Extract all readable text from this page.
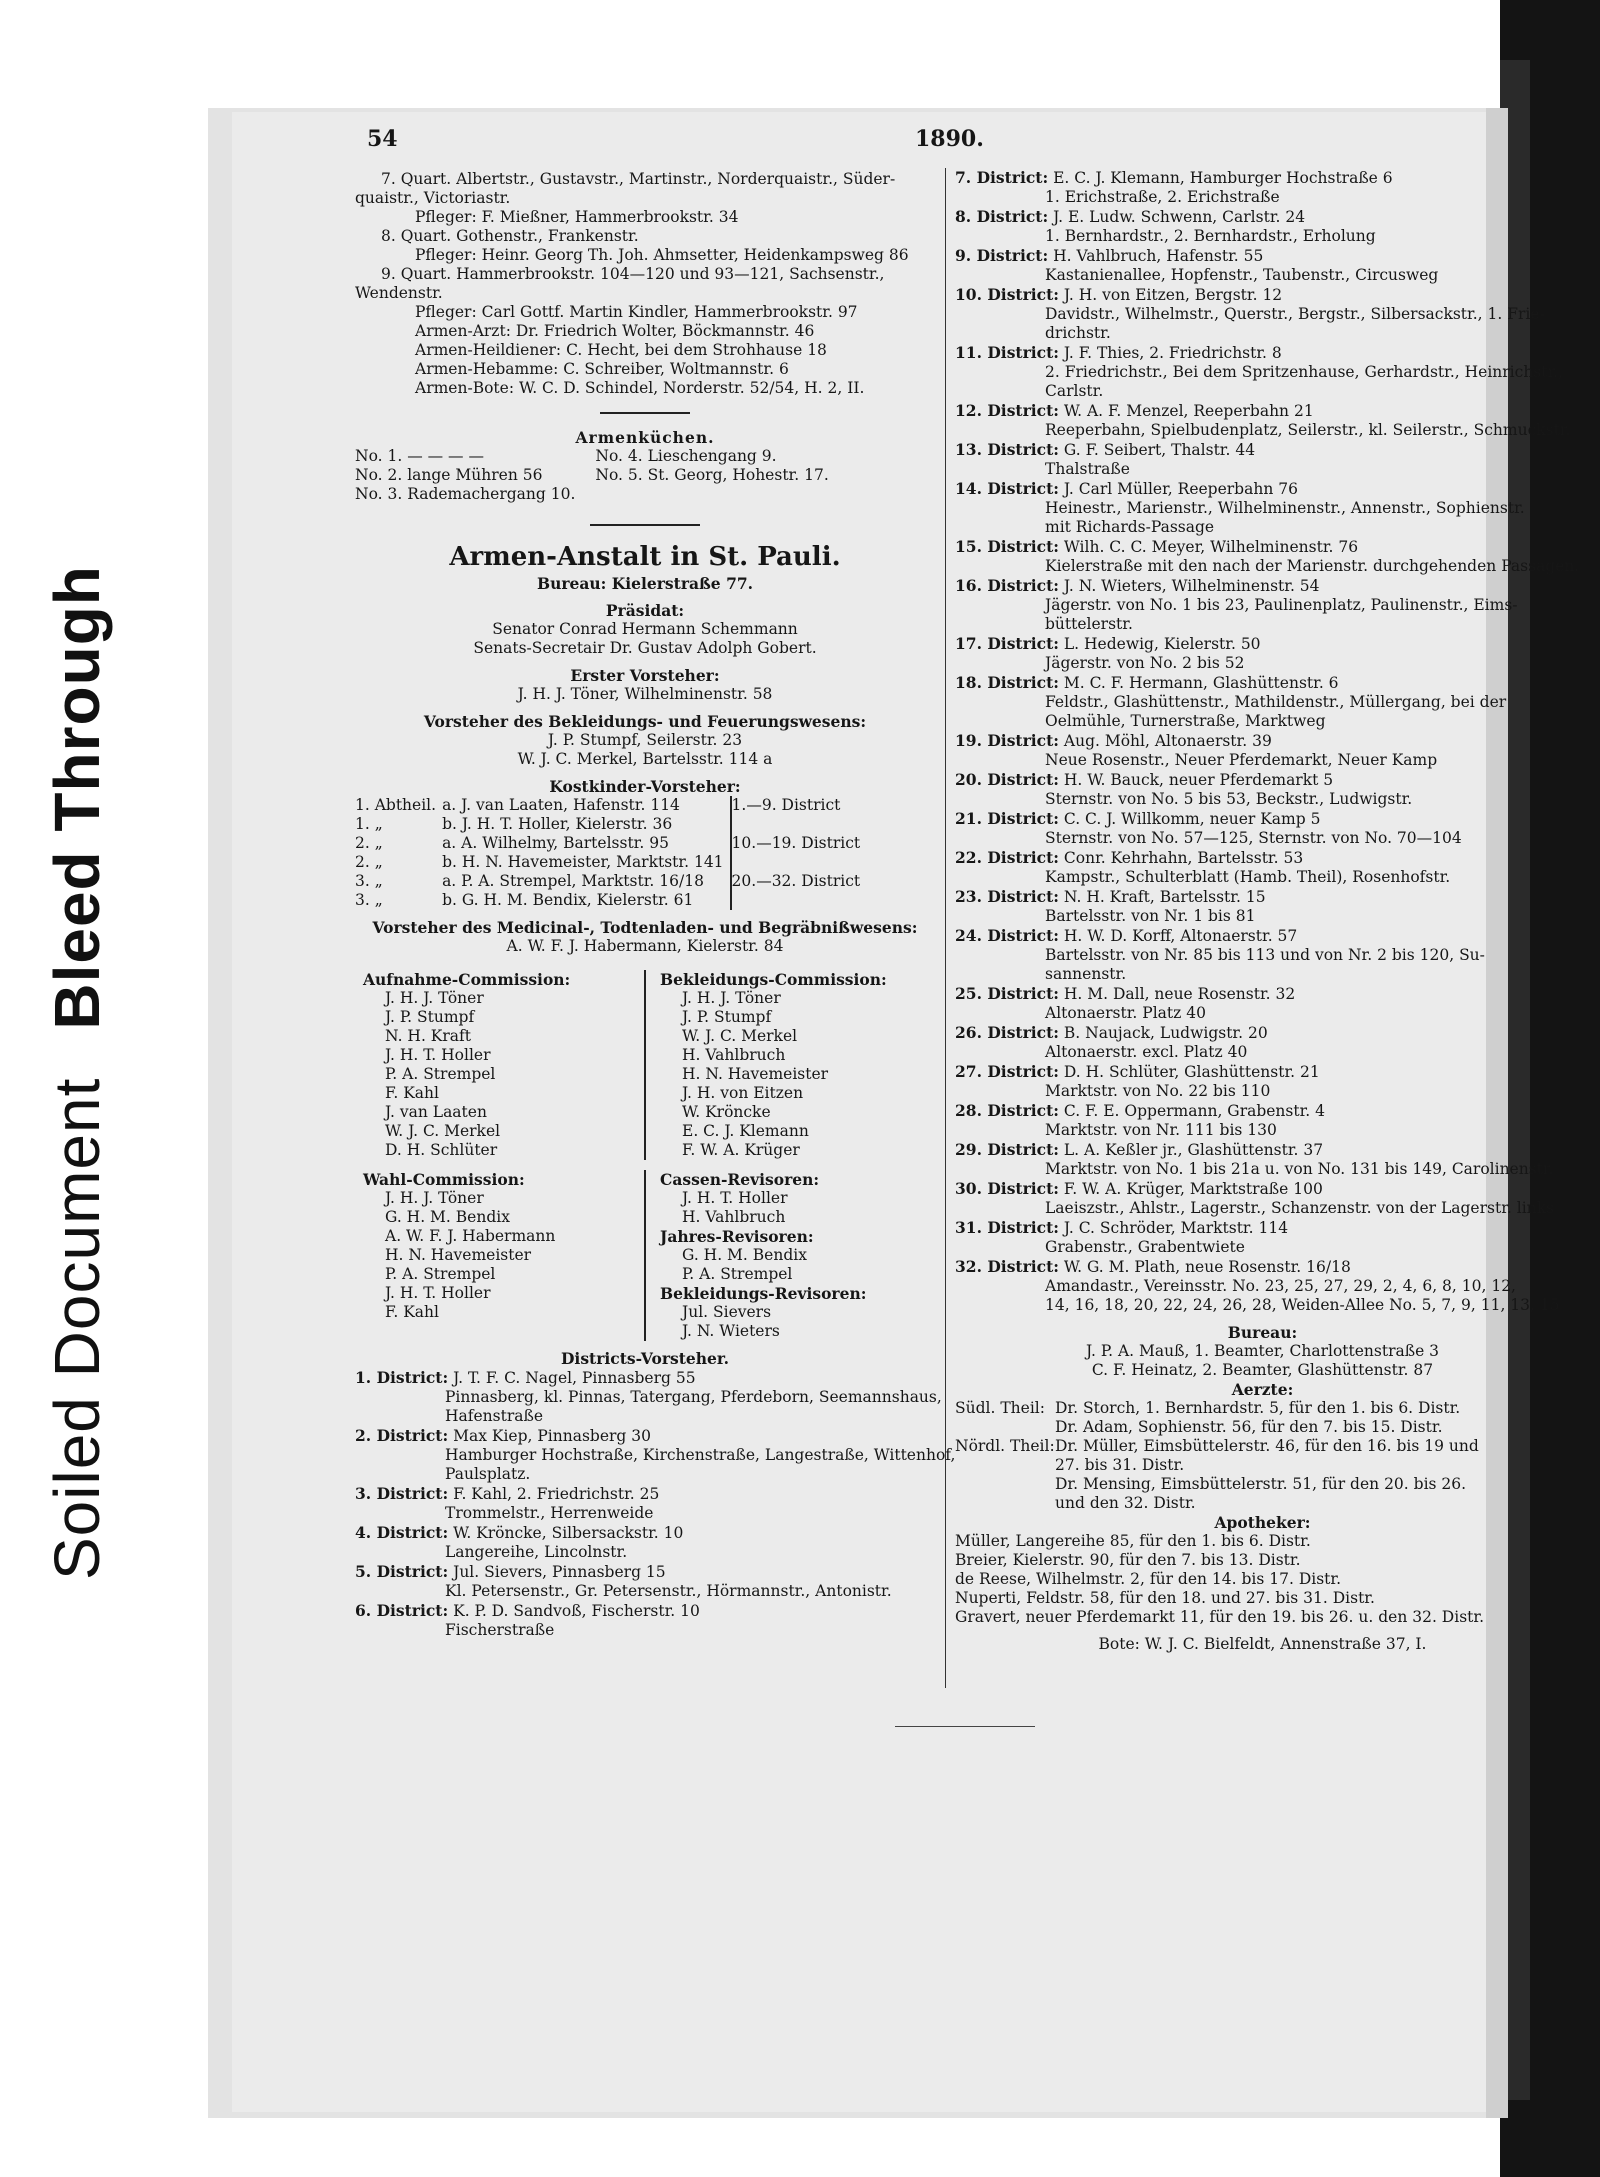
Soiled DocumentBleed Through
54	1890.
7. Quart. Albertstr., Gustavstr., Martinstr., Norderquaistr., Süder-
quaistr., Victoriastr.
Pfleger: F. Mießner, Hammerbrookstr. 34
8. Quart. Gothenstr., Frankenstr.
Pfleger: Heinr. Georg Th. Joh. Ahmsetter, Heidenkampsweg 86
9. Quart. Hammerbrookstr. 104—120 und 93—121, Sachsenstr.,
Wendenstr.
Pfleger: Carl Gottf. Martin Kindler, Hammerbrookstr. 97
Armen-Arzt: Dr. Friedrich Wolter, Böckmannstr. 46
Armen-Heildiener: C. Hecht, bei dem Strohhause 18
Armen-Hebamme: C. Schreiber, Woltmannstr. 6
Armen-Bote: W. C. D. Schindel, Norderstr. 52/54, H. 2, II.
Armenküchen.
No. 1. — — — —
No. 2. lange Mühren 56
No. 3. Rademachergang 10.
No. 4. Lieschengang 9.
No. 5. St. Georg, Hohestr. 17.
Armen-Anstalt in St. Pauli.
Bureau: Kielerstraße 77.
Präsidat:
Senator Conrad Hermann Schemmann
Senats-Secretair Dr. Gustav Adolph Gobert.
Erster Vorsteher:
J. H. J. Töner, Wilhelminenstr. 58
Vorsteher des Bekleidungs- und Feuerungswesens:
J. P. Stumpf, Seilerstr. 23
W. J. C. Merkel, Bartelsstr. 114 a
Kostkinder-Vorsteher:
1. Abtheil.	a. J. van Laaten, Hafenstr. 114	1.—9. District
1. „	b. J. H. T. Holler, Kielerstr. 36	
2. „	a. A. Wilhelmy, Bartelsstr. 95	10.—19. District
2. „	b. H. N. Havemeister, Marktstr. 141	
3. „	a. P. A. Strempel, Marktstr. 16/18	20.—32. District
3. „	b. G. H. M. Bendix, Kielerstr. 61	
Vorsteher des Medicinal-, Todtenladen- und Begräbnißwesens:
A. W. F. J. Habermann, Kielerstr. 84
Aufnahme-Commission:
J. H. J. Töner
J. P. Stumpf
N. H. Kraft
J. H. T. Holler
P. A. Strempel
F. Kahl
J. van Laaten
W. J. C. Merkel
D. H. Schlüter
Bekleidungs-Commission:
J. H. J. Töner
J. P. Stumpf
W. J. C. Merkel
H. Vahlbruch
H. N. Havemeister
J. H. von Eitzen
W. Kröncke
E. C. J. Klemann
F. W. A. Krüger
Wahl-Commission:
J. H. J. Töner
G. H. M. Bendix
A. W. F. J. Habermann
H. N. Havemeister
P. A. Strempel
J. H. T. Holler
F. Kahl
Cassen-Revisoren:
J. H. T. Holler
H. Vahlbruch
Jahres-Revisoren:
G. H. M. Bendix
P. A. Strempel
Bekleidungs-Revisoren:
Jul. Sievers
J. N. Wieters
Districts-Vorsteher.
1. District: J. T. F. C. Nagel, Pinnasberg 55
Pinnasberg, kl. Pinnas, Tatergang, Pferdeborn, Seemannshaus,
Hafenstraße
2. District: Max Kiep, Pinnasberg 30
Hamburger Hochstraße, Kirchenstraße, Langestraße, Wittenhof,
Paulsplatz.
3. District: F. Kahl, 2. Friedrichstr. 25
Trommelstr., Herrenweide
4. District: W. Kröncke, Silbersackstr. 10
Langereihe, Lincolnstr.
5. District: Jul. Sievers, Pinnasberg 15
Kl. Petersenstr., Gr. Petersenstr., Hörmannstr., Antonistr.
6. District: K. P. D. Sandvoß, Fischerstr. 10
Fischerstraße
7. District: E. C. J. Klemann, Hamburger Hochstraße 6
1. Erichstraße, 2. Erichstraße
8. District: J. E. Ludw. Schwenn, Carlstr. 24
1. Bernhardstr., 2. Bernhardstr., Erholung
9. District: H. Vahlbruch, Hafenstr. 55
Kastanienallee, Hopfenstr., Taubenstr., Circusweg
10. District: J. H. von Eitzen, Bergstr. 12
Davidstr., Wilhelmstr., Querstr., Bergstr., Silbersackstr., 1. Frie-
drichstr.
11. District: J. F. Thies, 2. Friedrichstr. 8
2. Friedrichstr., Bei dem Spritzenhause, Gerhardstr., Heinrichstr.,
Carlstr.
12. District: W. A. F. Menzel, Reeperbahn 21
Reeperbahn, Spielbudenplatz, Seilerstr., kl. Seilerstr., Schmuckstr.
13. District: G. F. Seibert, Thalstr. 44
Thalstraße
14. District: J. Carl Müller, Reeperbahn 76
Heinestr., Marienstr., Wilhelminenstr., Annenstr., Sophienstr.
mit Richards-Passage
15. District: Wilh. C. C. Meyer, Wilhelminenstr. 76
Kielerstraße mit den nach der Marienstr. durchgehenden Passagen.
16. District: J. N. Wieters, Wilhelminenstr. 54
Jägerstr. von No. 1 bis 23, Paulinenplatz, Paulinenstr., Eims-
büttelerstr.
17. District: L. Hedewig, Kielerstr. 50
Jägerstr. von No. 2 bis 52
18. District: M. C. F. Hermann, Glashüttenstr. 6
Feldstr., Glashüttenstr., Mathildenstr., Müllergang, bei der
Oelmühle, Turnerstraße, Marktweg
19. District: Aug. Möhl, Altonaerstr. 39
Neue Rosenstr., Neuer Pferdemarkt, Neuer Kamp
20. District: H. W. Bauck, neuer Pferdemarkt 5
Sternstr. von No. 5 bis 53, Beckstr., Ludwigstr.
21. District: C. C. J. Willkomm, neuer Kamp 5
Sternstr. von No. 57—125, Sternstr. von No. 70—104
22. District: Conr. Kehrhahn, Bartelsstr. 53
Kampstr., Schulterblatt (Hamb. Theil), Rosenhofstr.
23. District: N. H. Kraft, Bartelsstr. 15
Bartelsstr. von Nr. 1 bis 81
24. District: H. W. D. Korff, Altonaerstr. 57
Bartelsstr. von Nr. 85 bis 113 und von Nr. 2 bis 120, Su-
sannenstr.
25. District: H. M. Dall, neue Rosenstr. 32
Altonaerstr. Platz 40
26. District: B. Naujack, Ludwigstr. 20
Altonaerstr. excl. Platz 40
27. District: D. H. Schlüter, Glashüttenstr. 21
Marktstr. von No. 22 bis 110
28. District: C. F. E. Oppermann, Grabenstr. 4
Marktstr. von Nr. 111 bis 130
29. District: L. A. Keßler jr., Glashüttenstr. 37
Marktstr. von No. 1 bis 21a u. von No. 131 bis 149, Carolinenstr.
30. District: F. W. A. Krüger, Marktstraße 100
Laeiszstr., Ahlstr., Lagerstr., Schanzenstr. von der Lagerstr. links
31. District: J. C. Schröder, Marktstr. 114
Grabenstr., Grabentwiete
32. District: W. G. M. Plath, neue Rosenstr. 16/18
Amandastr., Vereinsstr. No. 23, 25, 27, 29, 2, 4, 6, 8, 10, 12,
14, 16, 18, 20, 22, 24, 26, 28, Weiden-Allee No. 5, 7, 9, 11, 13, 15
Bureau:
J. P. A. Mauß, 1. Beamter, Charlottenstraße 3
C. F. Heinatz, 2. Beamter, Glashüttenstr. 87
Aerzte:
Südl. Theil: Dr. Storch, 1. Bernhardstr. 5, für den 1. bis 6. Distr.
Dr. Adam, Sophienstr. 56, für den 7. bis 15. Distr.
Nördl. Theil:Dr. Müller, Eimsbüttelerstr. 46, für den 16. bis 19 und
27. bis 31. Distr.
Dr. Mensing, Eimsbüttelerstr. 51, für den 20. bis 26.
und den 32. Distr.
Apotheker:
Müller, Langereihe 85, für den 1. bis 6. Distr.
Breier, Kielerstr. 90, für den 7. bis 13. Distr.
de Reese, Wilhelmstr. 2, für den 14. bis 17. Distr.
Nuperti, Feldstr. 58, für den 18. und 27. bis 31. Distr.
Gravert, neuer Pferdemarkt 11, für den 19. bis 26. u. den 32. Distr.
Bote: W. J. C. Bielfeldt, Annenstraße 37, I.
